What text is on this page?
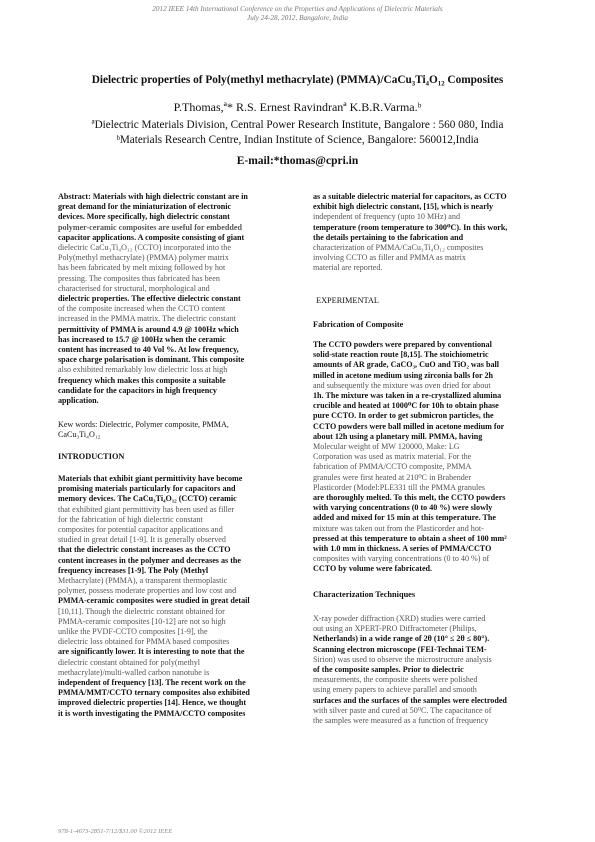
2012 IEEE 14th International Conference on the Properties and Applications of Dielectric Materials
July 24-28, 2012, Bangalore, India
Dielectric properties of Poly(methyl methacrylate) (PMMA)/CaCu₃Ti₄O₁₂ Composites
P.Thomas,ª* R.S. Ernest Ravindranª K.B.R.Varma.ᵇ
ªDielectric Materials Division, Central Power Research Institute, Bangalore : 560 080, India
ᵇMaterials Research Centre, Indian Institute of Science, Bangalore: 560012,India
E-mail:*thomas@cpri.in

Abstract: Materials with high dielectric constant are in

great demand for the miniaturization of electronic

devices. More specifically, high dielectric constant

polymer-ceramic composites are useful for embedded

capacitor applications. A composite consisting of giant

dielectric CaCu₃Ti₄O₁₂ (CCTO) incorporated into the

Poly(methyl methacrylate) (PMMA) polymer matrix

has been fabricated by melt mixing followed by hot

pressing. The composites thus fabricated has been

characterised for structural, morphological and

dielectric properties. The effective dielectric constant

of the composite increased when the CCTO content

increased in the PMMA matrix. The dielectric constant

permittivity of PMMA is around 4.9 @ 100Hz which

has increased to 15.7 @ 100Hz when the ceramic

content has increased to 40 Vol %. At low frequency,

space charge polarisation is dominant. This composite

also exhibited remarkably low dielectric loss at high

frequency which makes this composite a suitable

candidate for the capacitors in high frequency

application.

Kew words: Dielectric, Polymer composite, PMMA,

CaCu₃Ti₄O₁₂

INTRODUCTION

Materials that exhibit giant permittivity have become

promising materials particularly for capacitors and

memory devices. The CaCu₃Ti₄O₁₂ (CCTO) ceramic

that exhibited giant permittivity has been used as filler

for the fabrication of high dielectric constant

composites for potential capacitor applications and

studied in great detail [1-9]. It is generally observed

that the dielectric constant increases as the CCTO

content increases in the polymer and decreases as the

frequency increases [1-9]. The Poly (Methyl

Methacrylate) (PMMA), a transparent thermoplastic

polymer, possess moderate properties and low cost and

PMMA-ceramic composites were studied in great detail

[10,11]. Though the dielectric constant obtained for

PMMA-ceramic composites [10-12] are not so high

unlike the PVDF-CCTO composites [1-9], the

dielectric loss obtained for PMMA based composites

are significantly lower. It is interesting to note that the

dielectric constant obtained for poly(methyl

methacrylate)/multi-walled carbon nanotube is

independent of frequency [13]. The recent work on the

PMMA/MMT/CCTO ternary composites also exhibited

improved dielectric properties [14]. Hence, we thought

it is worth investigating the PMMA/CCTO composites

as a suitable dielectric material for capacitors, as CCTO

exhibit high dielectric constant, [15], which is nearly

independent of frequency (upto 10 MHz) and

temperature (room temperature to 300⁰C). In this work,

the details pertaining to the fabrication and

characterization of PMMA/CaCu₃Ti₄O₁₂ composites

involving CCTO as filler and PMMA as matrix

material are reported.

EXPERIMENTAL
Fabrication of Composite

The CCTO powders were prepared by conventional

solid-state reaction route [8,15]. The stoichiometric

amounts of AR grade, CaCO₃, CuO and TiO₂ was ball

milled in acetone medium using zirconia balls for 2h

and subsequently the mixture was oven dried for about

1h. The mixture was taken in a re-crystallized alumina

crucible and heated at 1000⁰C for 10h to obtain phase

pure CCTO. In order to get submicron particles, the

CCTO powders were ball milled in acetone medium for

about 12h using a planetary mill. PMMA, having

Molecular weight of MW 120000, Make: LG

Corporation was used as matrix material. For the

fabrication of PMMA/CCTO composite, PMMA

granules were first heated at 210⁰C in Brabender

Plasticorder (Model:PLE331 till the PMMA granules

are thoroughly melted. To this melt, the CCTO powders

with varying concentrations (0 to 40 %) were slowly

added and mixed for 15 min at this temperature. The

mixture was taken out from the Plasticorder and hot-

pressed at this temperature to obtain a sheet of 100 mm²

with 1.0 mm in thickness. A series of PMMA/CCTO

composites with varying concentrations (0 to 40 %) of

CCTO by volume were fabricated.

Characterization Techniques

X-ray powder diffraction (XRD) studies were carried

out using an XPERT-PRO Diffractometer (Philips,

Netherlands) in a wide range of 2θ (10° ≤ 2θ ≤ 80°).

Scanning electron microscope (FEI-Technai TEM-

Sirion) was used to observe the microstructure analysis

of the composite samples. Prior to dielectric

measurements, the composite sheets were polished

using emery papers to achieve parallel and smooth

surfaces and the surfaces of the samples were electroded

with silver paste and cured at 50⁰C. The capacitance of

the samples were measured as a function of frequency

978-1-4673-2851-7/12/$31.00 ©2012 IEEE
